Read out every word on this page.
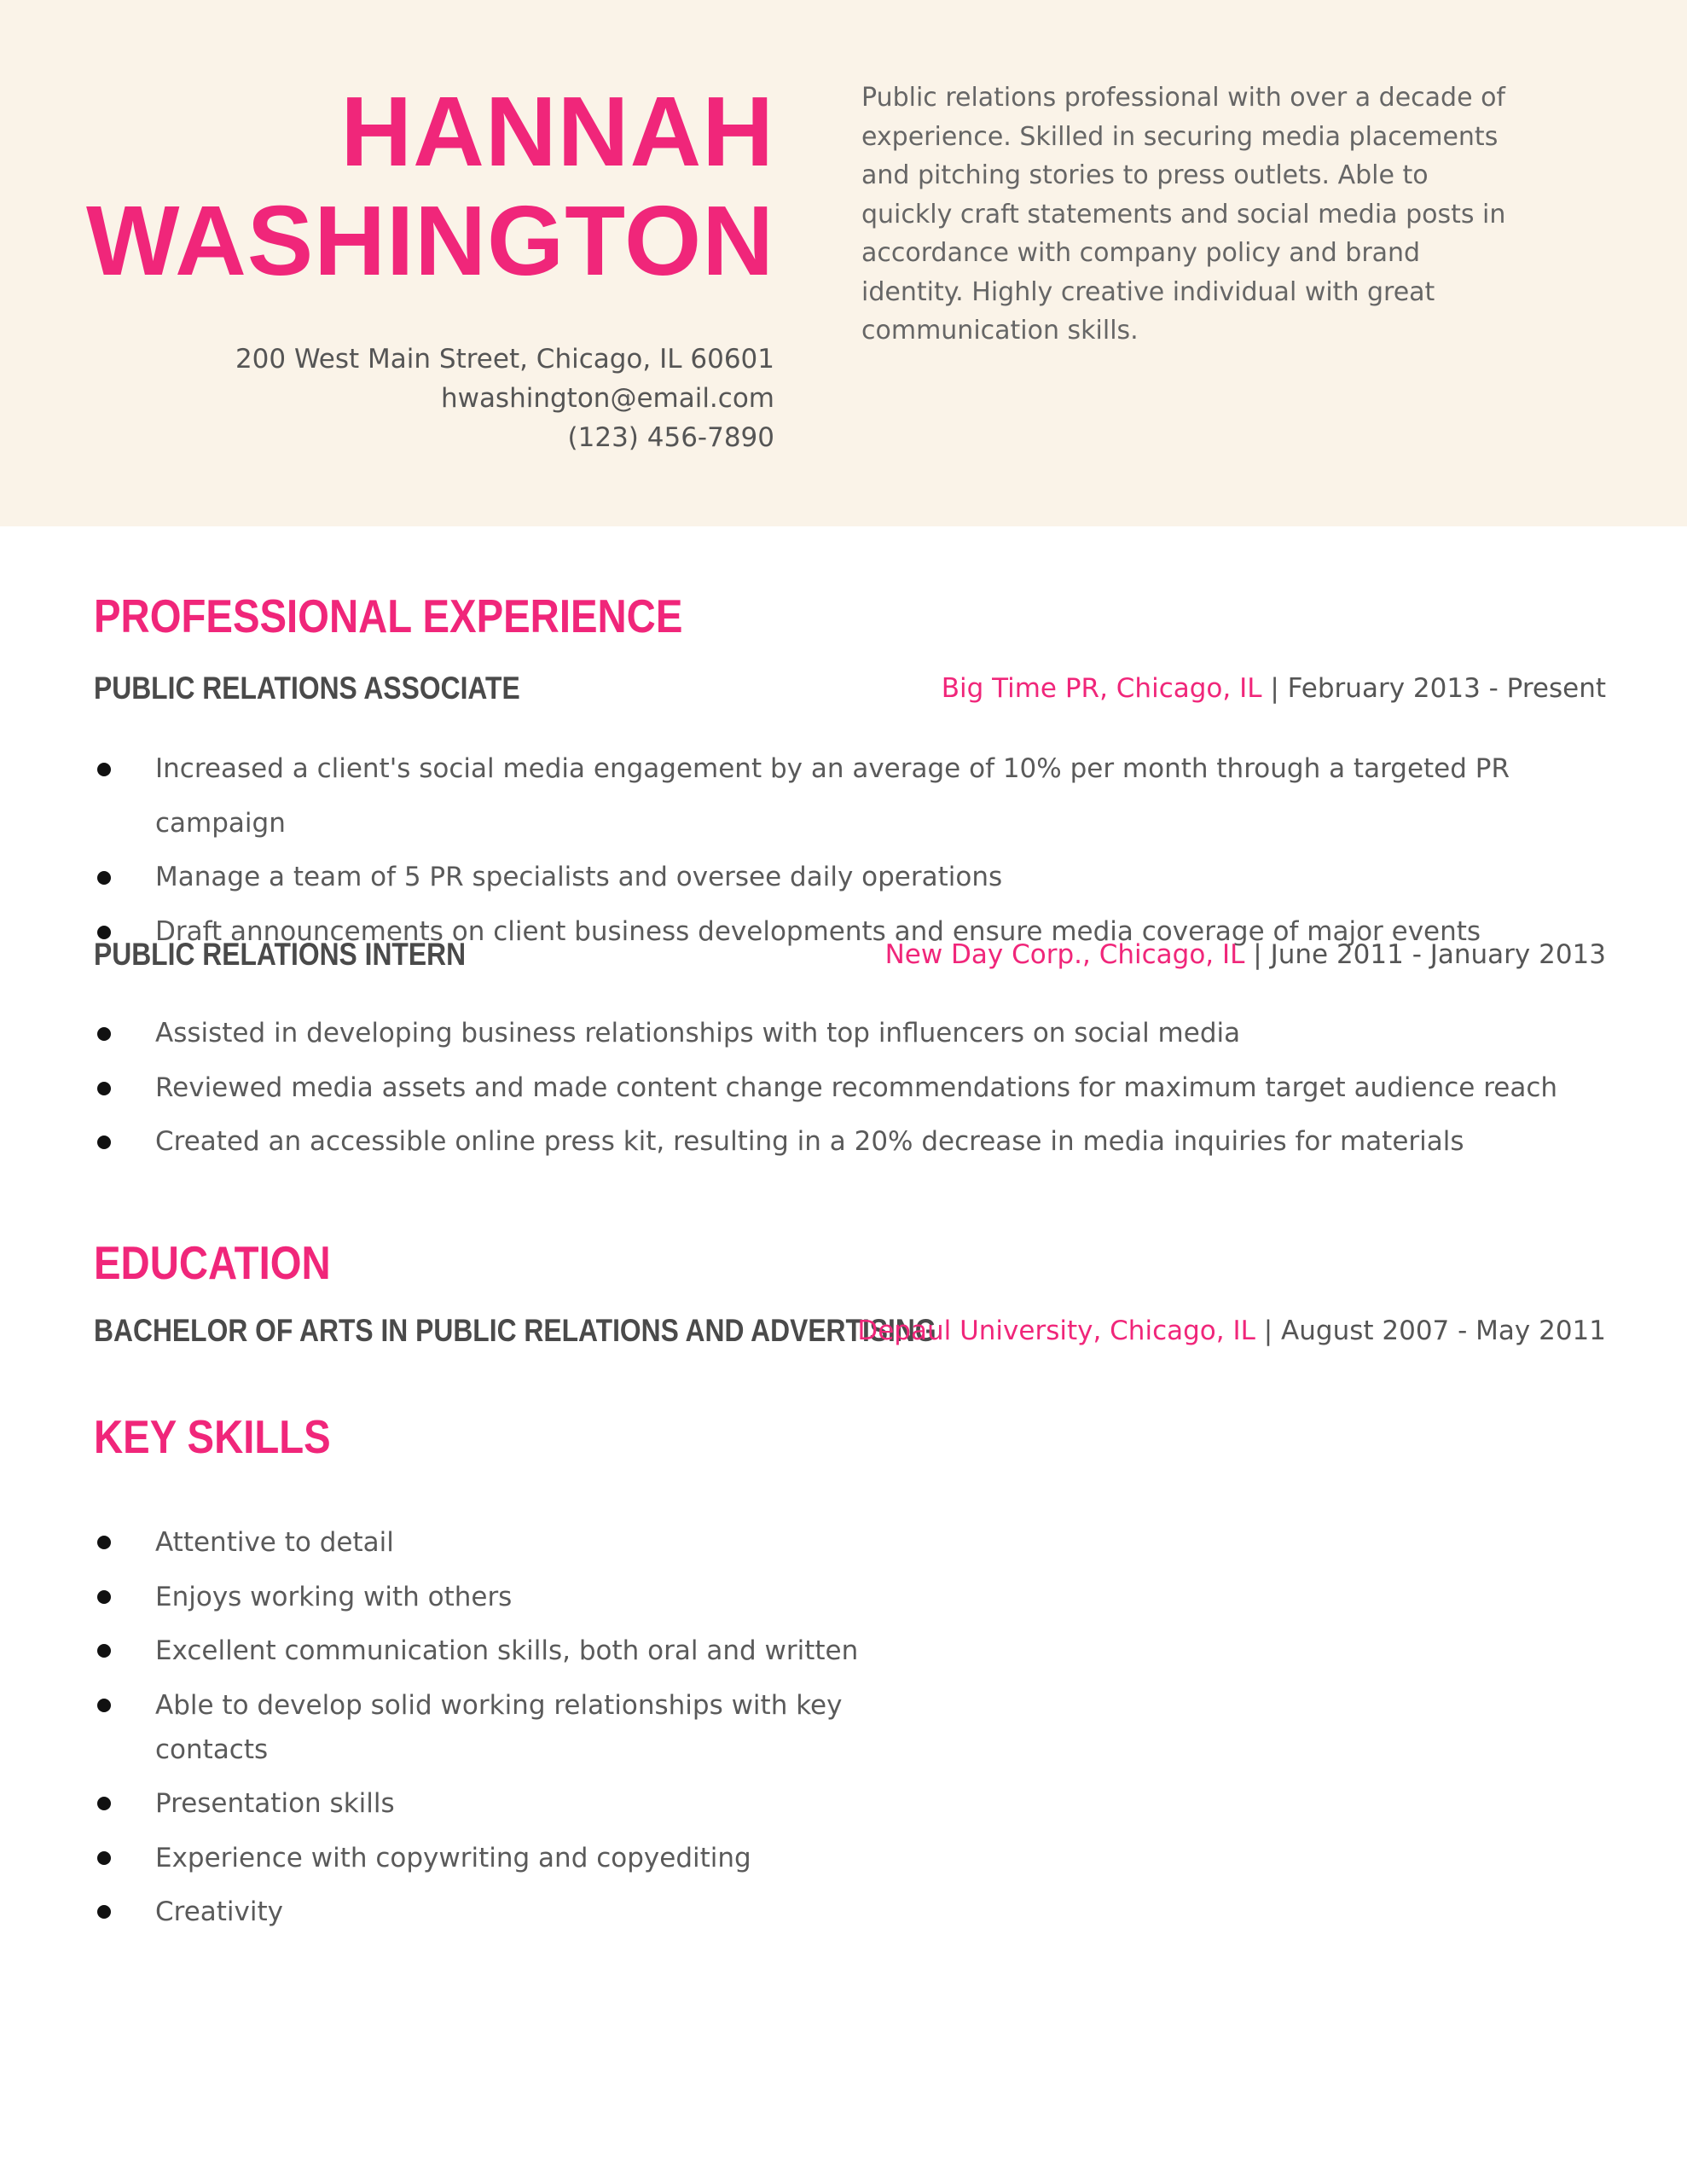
HANNAH
WASHINGTON
200 West Main Street, Chicago, IL 60601
hwashington@email.com
(123) 456-7890
Public relations professional with over a decade of experience. Skilled in securing media placements and pitching stories to press outlets. Able to quickly craft statements and social media posts in accordance with company policy and brand identity. Highly creative individual with great communication skills.
PROFESSIONAL EXPERIENCE
PUBLIC RELATIONS ASSOCIATE	Big Time PR, Chicago, IL | February 2013 - Present
Increased a client's social media engagement by an average of 10% per month through a targeted PR campaign
Manage a team of 5 PR specialists and oversee daily operations
Draft announcements on client business developments and ensure media coverage of major events
PUBLIC RELATIONS INTERN	New Day Corp., Chicago, IL | June 2011 - January 2013
Assisted in developing business relationships with top influencers on social media
Reviewed media assets and made content change recommendations for maximum target audience reach
Created an accessible online press kit, resulting in a 20% decrease in media inquiries for materials
EDUCATION
BACHELOR OF ARTS IN PUBLIC RELATIONS AND ADVERTISING
Depaul University, Chicago, IL | August 2007 - May 2011
KEY SKILLS
Attentive to detail
Enjoys working with others
Excellent communication skills, both oral and written
Able to develop solid working relationships with key contacts
Presentation skills
Experience with copywriting and copyediting
Creativity
